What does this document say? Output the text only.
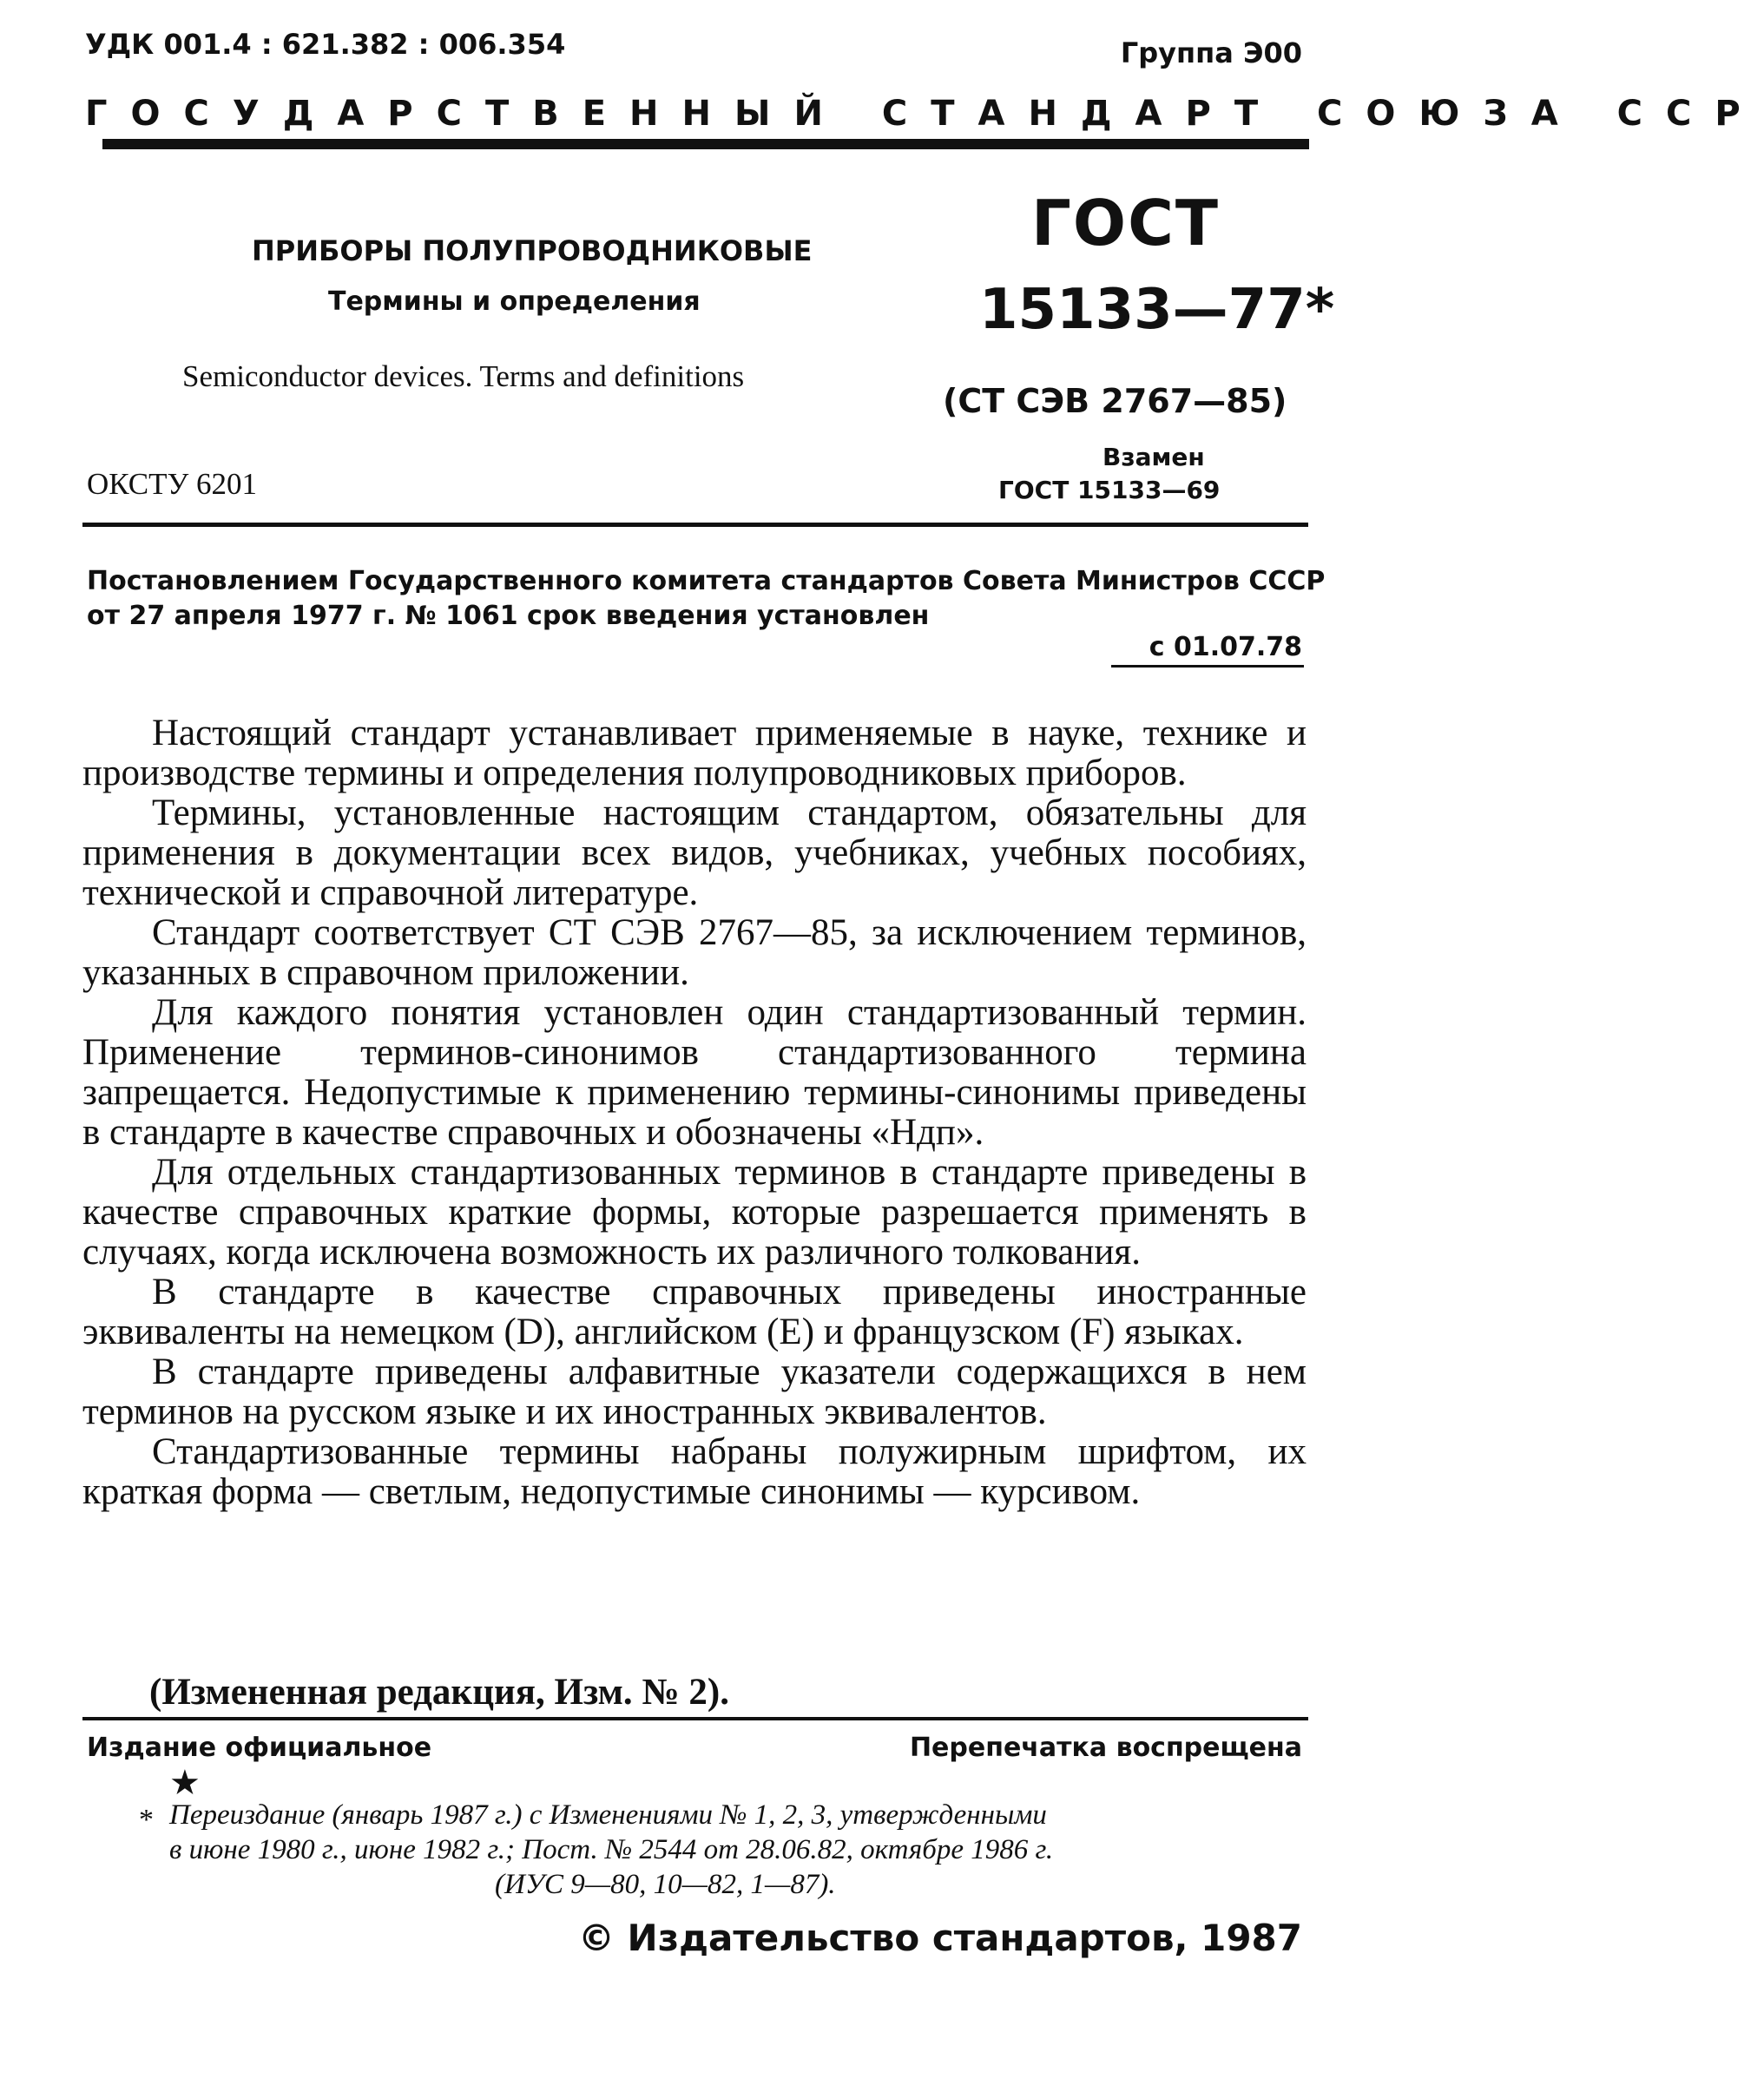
УДК 001.4 : 621.382 : 006.354	Группа Э00
ГОСУДАРСТВЕННЫЙ СТАНДАРТ СОЮЗА ССР
ПРИБОРЫ ПОЛУПРОВОДНИКОВЫЕ
Термины и определения
Semiconductor devices. Terms and definitions
ОКСТУ 6201
ГОСТ
15133—77*
(СТ СЭВ 2767—85)
Взамен
ГОСТ 15133—69
Постановлением Государственного комитета стандартов Совета Министров СССР
от 27 апреля 1977 г. № 1061 срок введения установлен
с 01.07.78

Настоящий стандарт устанавливает применяемые в науке, технике и производстве термины и определения полупроводниковых приборов.

Термины, установленные настоящим стандартом, обязательны для применения в документации всех видов, учебниках, учебных пособиях, технической и справочной литературе.

Стандарт соответствует СТ СЭВ 2767—85, за исключением терминов, указанных в справочном приложении.

Для каждого понятия установлен один стандартизованный термин. Применение терминов-синонимов стандартизованного термина запрещается. Недопустимые к применению термины-синонимы приведены в стандарте в качестве справочных и обозначены «Ндп».

Для отдельных стандартизованных терминов в стандарте приведены в качестве справочных краткие формы, которые разрешается применять в случаях, когда исключена возможность их различного толкования.

В стандарте в качестве справочных приведены иностранные эквиваленты на немецком (D), английском (E) и французском (F) языках.

В стандарте приведены алфавитные указатели содержащихся в нем терминов на русском языке и их иностранных эквивалентов.

Стандартизованные термины набраны полужирным шрифтом, их краткая форма — светлым, недопустимые синонимы — курсивом.

(Измененная редакция, Изм. № 2).
Издание официальное	Перепечатка воспрещена
★
* Переиздание (январь 1987 г.) с Изменениями № 1, 2, 3, утвержденными
в июне 1980 г., июне 1982 г.; Пост. № 2544 от 28.06.82, октябре 1986 г.
(ИУС 9—80, 10—82, 1—87).
© Издательство стандартов, 1987
